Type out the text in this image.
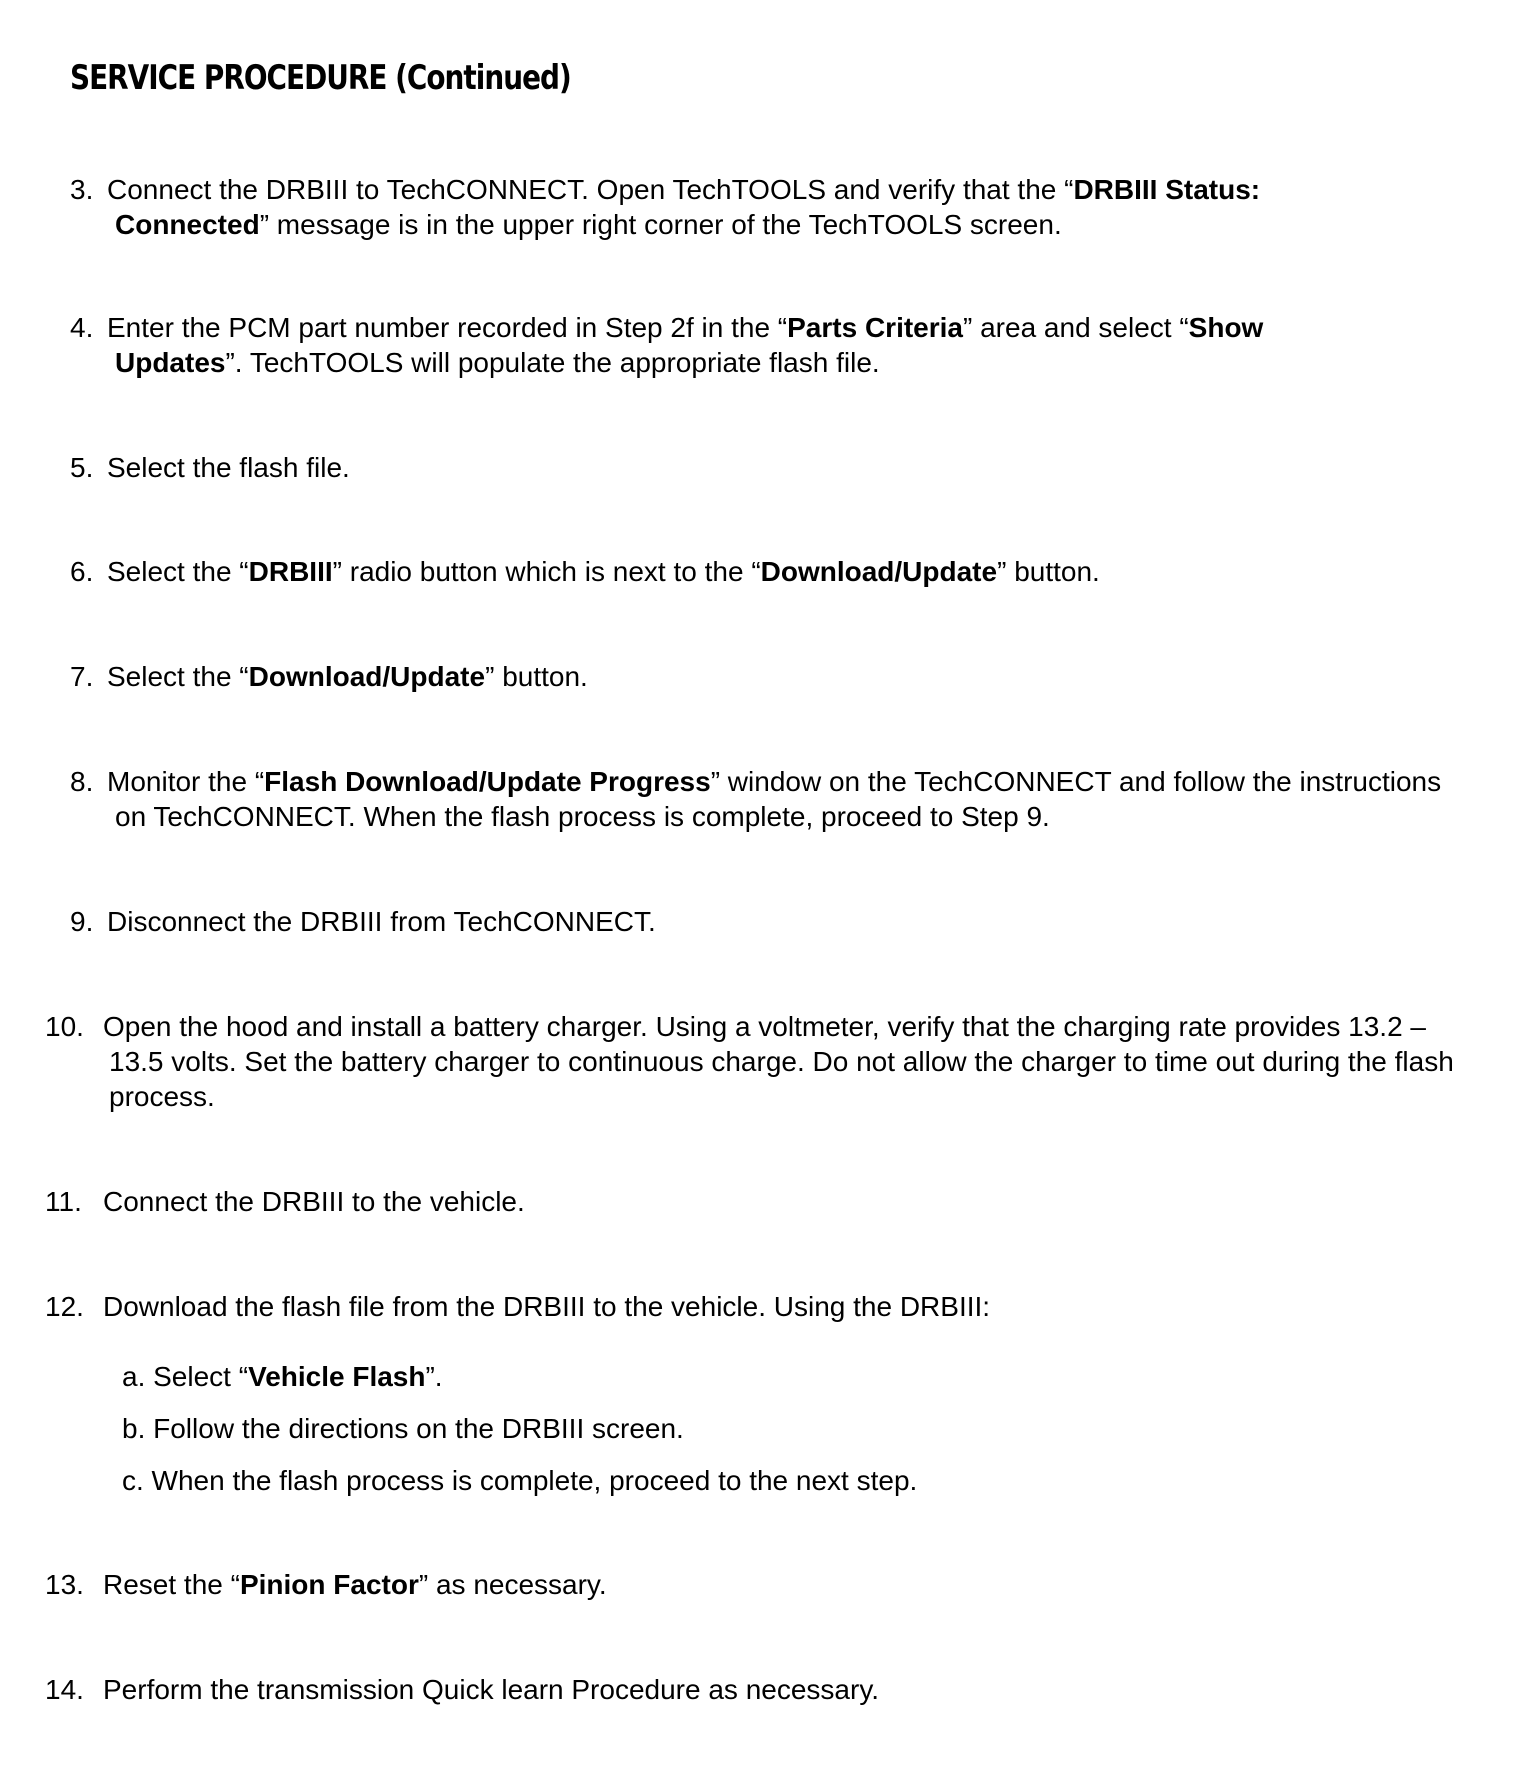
SERVICE PROCEDURE (Continued)
3. Connect the DRBIII to TechCONNECT. Open TechTOOLS and verify that the “DRBIII Status:
Connected” message is in the upper right corner of the TechTOOLS screen.
4. Enter the PCM part number recorded in Step 2f in the “Parts Criteria” area and select “Show Updates”. TechTOOLS will populate the appropriate flash file.
5. Select the flash file.
6. Select the “DRBIII” radio button which is next to the “Download/Update” button.
7. Select the “Download/Update” button.
8. Monitor the “Flash Download/Update Progress” window on the TechCONNECT and follow the instructions on TechCONNECT. When the flash process is complete, proceed to Step 9.
9. Disconnect the DRBIII from TechCONNECT.
10. Open the hood and install a battery charger. Using a voltmeter, verify that the charging rate provides 13.2 – 13.5 volts. Set the battery charger to continuous charge. Do not allow the charger to time out during the flash process.
11. Connect the DRBIII to the vehicle.
12. Download the flash file from the DRBIII to the vehicle. Using the DRBIII:
a. Select “Vehicle Flash”.
b. Follow the directions on the DRBIII screen.
c. When the flash process is complete, proceed to the next step.
13. Reset the “Pinion Factor” as necessary.
14. Perform the transmission Quick learn Procedure as necessary.
